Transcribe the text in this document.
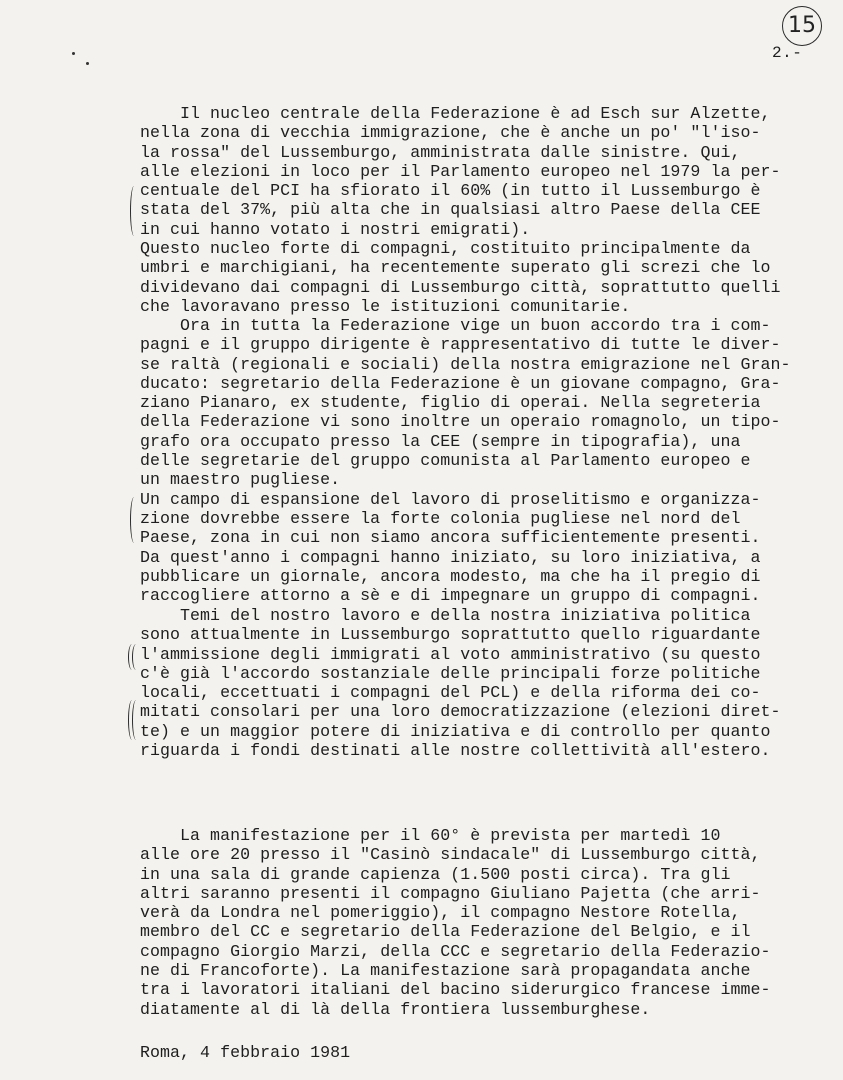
15
2.-
Il nucleo centrale della Federazione è ad Esch sur Alzette,
nella zona di vecchia immigrazione, che è anche un po' "l'iso-
la rossa" del Lussemburgo, amministrata dalle sinistre. Qui,
alle elezioni in loco per il Parlamento europeo nel 1979 la per-
centuale del PCI ha sfiorato il 60% (in tutto il Lussemburgo è
stata del 37%, più alta che in qualsiasi altro Paese della CEE
in cui hanno votato i nostri emigrati).
Questo nucleo forte di compagni, costituito principalmente da
umbri e marchigiani, ha recentemente superato gli screzi che lo
dividevano dai compagni di Lussemburgo città, soprattutto quelli
che lavoravano presso le istituzioni comunitarie.
Ora in tutta la Federazione vige un buon accordo tra i com-
pagni e il gruppo dirigente è rappresentativo di tutte le diver-
se raltà (regionali e sociali) della nostra emigrazione nel Gran-
ducato: segretario della Federazione è un giovane compagno, Gra-
ziano Pianaro, ex studente, figlio di operai. Nella segreteria
della Federazione vi sono inoltre un operaio romagnolo, un tipo-
grafo ora occupato presso la CEE (sempre in tipografia), una
delle segretarie del gruppo comunista al Parlamento europeo e
un maestro pugliese.
Un campo di espansione del lavoro di proselitismo e organizza-
zione dovrebbe essere la forte colonia pugliese nel nord del
Paese, zona in cui non siamo ancora sufficientemente presenti.
Da quest'anno i compagni hanno iniziato, su loro iniziativa, a
pubblicare un giornale, ancora modesto, ma che ha il pregio di
raccogliere attorno a sè e di impegnare un gruppo di compagni.
Temi del nostro lavoro e della nostra iniziativa politica
sono attualmente in Lussemburgo soprattutto quello riguardante
l'ammissione degli immigrati al voto amministrativo (su questo
c'è già l'accordo sostanziale delle principali forze politiche
locali, eccettuati i compagni del PCL) e della riforma dei co-
mitati consolari per una loro democratizzazione (elezioni diret-
te) e un maggior potere di iniziativa e di controllo per quanto
riguarda i fondi destinati alle nostre collettività all'estero.
La manifestazione per il 60° è prevista per martedì 10
alle ore 20 presso il "Casinò sindacale" di Lussemburgo città,
in una sala di grande capienza (1.500 posti circa). Tra gli
altri saranno presenti il compagno Giuliano Pajetta (che arri-
verà da Londra nel pomeriggio), il compagno Nestore Rotella,
membro del CC e segretario della Federazione del Belgio, e il
compagno Giorgio Marzi, della CCC e segretario della Federazio-
ne di Francoforte). La manifestazione sarà propagandata anche
tra i lavoratori italiani del bacino siderurgico francese imme-
diatamente al di là della frontiera lussemburghese.
Roma, 4 febbraio 1981
